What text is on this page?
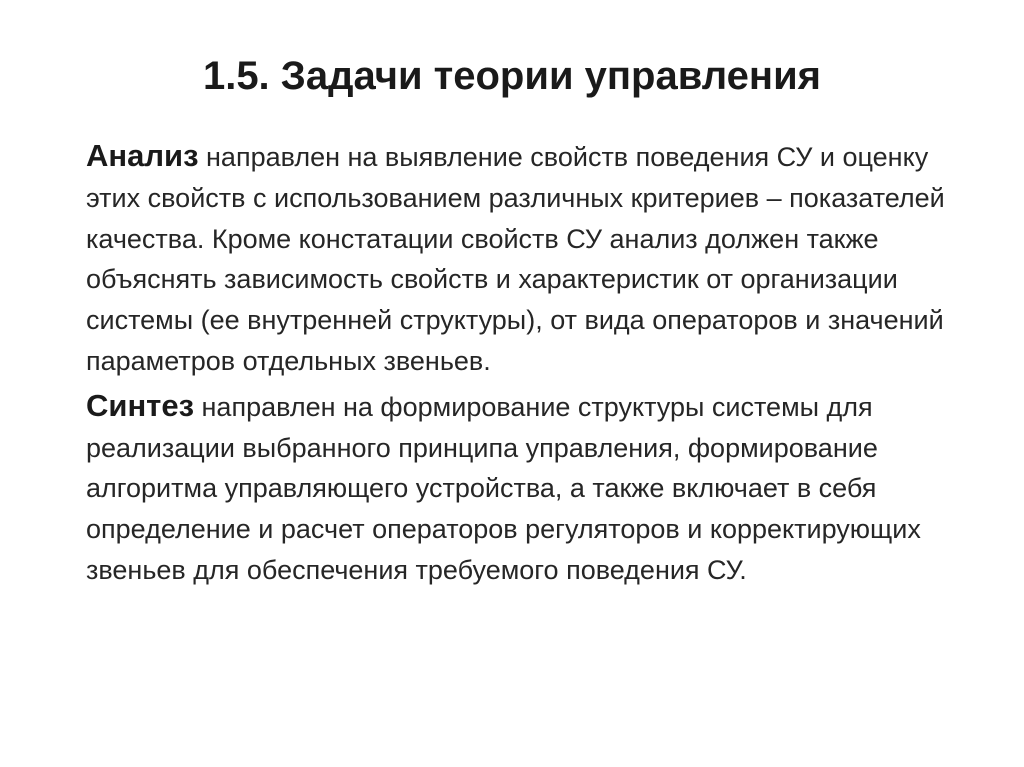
1.5. Задачи теории управления

Анализ направлен на выявление свойств поведения СУ и оценку этих свойств с использованием различных критериев – показателей качества. Кроме констатации свойств СУ анализ должен также объяснять зависимость свойств и характеристик от организации системы (ее внутренней структуры), от вида операторов и значений параметров отдельных звеньев.

Синтез направлен на формирование структуры системы для реализации выбранного принципа управления, формирование алгоритма управляющего устройства, а также включает в себя определение и расчет операторов регуляторов и корректирующих звеньев для обеспечения требуемого поведения СУ.
